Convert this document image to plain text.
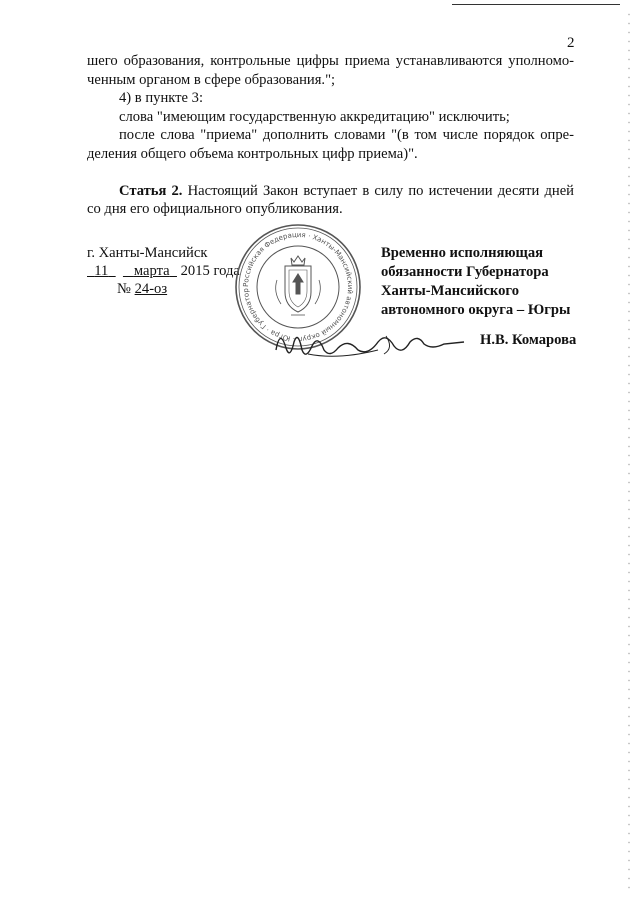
2

шего образования, контрольные цифры приема устанавливаются уполномо-

ченным органом в сфере образования.";

4) в пункте 3:

слова "имеющим государственную аккредитацию" исключить;

после слова "приема" дополнить словами "(в том числе порядок опре-

деления общего объема контрольных цифр приема)".

Статья 2. Настоящий Закон вступает в силу по истечении десяти дней

со дня его официального опубликования.

г. Ханты-Мансийск
11 марта 2015 года
№ 24-оз	Российская Федерация · Ханты-Мансийский автономный округ – Югра · Губернатор
Временно исполняющая
обязанности Губернатора
Ханты-Мансийского
автономного округа – Югры
Н.В. Комарова
